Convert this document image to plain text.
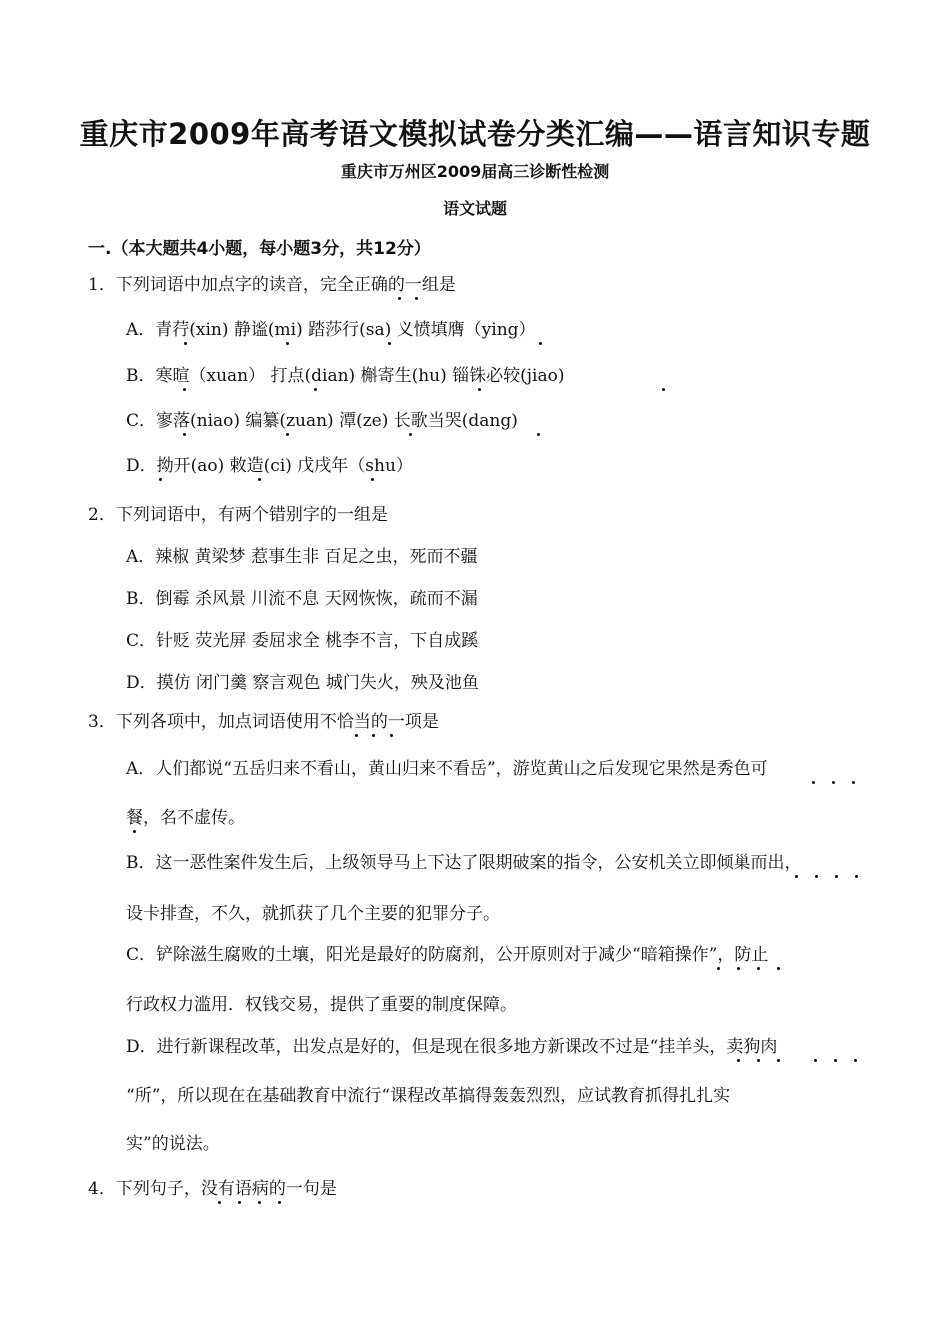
重庆市2009年高考语文模拟试卷分类汇编——语言知识专题
重庆市万州区2009届高三诊断性检测
语文试题
一.（本大题共4小题，每小题3分，共12分）
1．下列词语中加点字的读音，完全正确的一组是
A．青荇(xin) 静谧(mi) 踏莎行(sa) 义愤填膺（ying）
B．寒暄（xuan） 打点(dian) 槲寄生(hu) 锱铢必较(jiao)
C．寥落(niao) 编纂(zuan) 潭(ze) 长歌当哭(dang)
D．拗开(ao) 敕造(ci) 戊戌年（shu）
2．下列词语中，有两个错别字的一组是
A．辣椒 黄梁梦 惹事生非 百足之虫，死而不疆
B．倒霉 杀风景 川流不息 天网恢恢，疏而不漏
C．针贬 荧光屏 委屈求全 桃李不言，下自成蹊
D．摸仿 闭门羹 察言观色 城门失火，殃及池鱼
3．下列各项中，加点词语使用不恰当的一项是
A．人们都说“五岳归来不看山，黄山归来不看岳”，游览黄山之后发现它果然是秀色可
餐，名不虚传。
B．这一恶性案件发生后，上级领导马上下达了限期破案的指令，公安机关立即倾巢而出，
设卡排查，不久，就抓获了几个主要的犯罪分子。
C．铲除滋生腐败的土壤，阳光是最好的防腐剂，公开原则对于减少“暗箱操作”，防止
行政权力滥用．权钱交易，提供了重要的制度保障。
D．进行新课程改革，出发点是好的，但是现在很多地方新课改不过是“挂羊头，卖狗肉
“所”，所以现在在基础教育中流行“课程改革搞得轰轰烈烈，应试教育抓得扎扎实
实”的说法。
4．下列句子，没有语病的一句是
